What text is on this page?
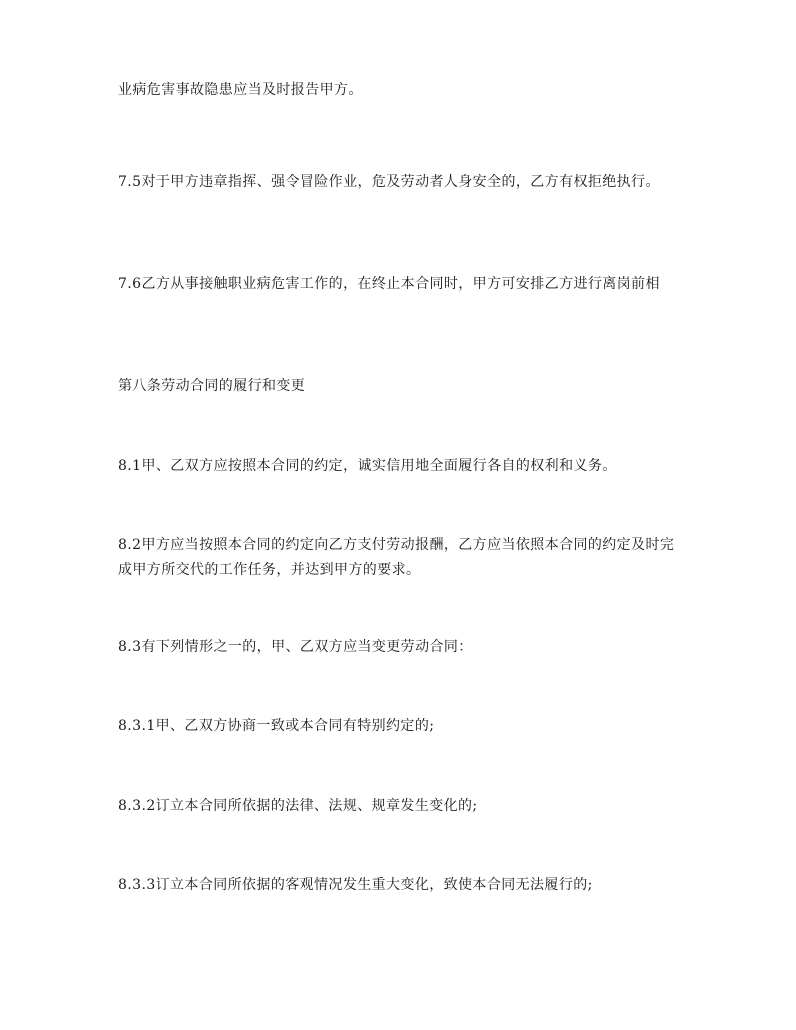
业病危害事故隐患应当及时报告甲方。

7.5对于甲方违章指挥、强令冒险作业，危及劳动者人身安全的，乙方有权拒绝执行。

7.6乙方从事接触职业病危害工作的，在终止本合同时，甲方可安排乙方进行离岗前相

第八条劳动合同的履行和变更

8.1甲、乙双方应按照本合同的约定，诚实信用地全面履行各自的权利和义务。

8.2甲方应当按照本合同的约定向乙方支付劳动报酬，乙方应当依照本合同的约定及时完成甲方所交代的工作任务，并达到甲方的要求。

8.3有下列情形之一的，甲、乙双方应当变更劳动合同：

8.3.1甲、乙双方协商一致或本合同有特别约定的;

8.3.2订立本合同所依据的法律、法规、规章发生变化的;

8.3.3订立本合同所依据的客观情况发生重大变化，致使本合同无法履行的;
